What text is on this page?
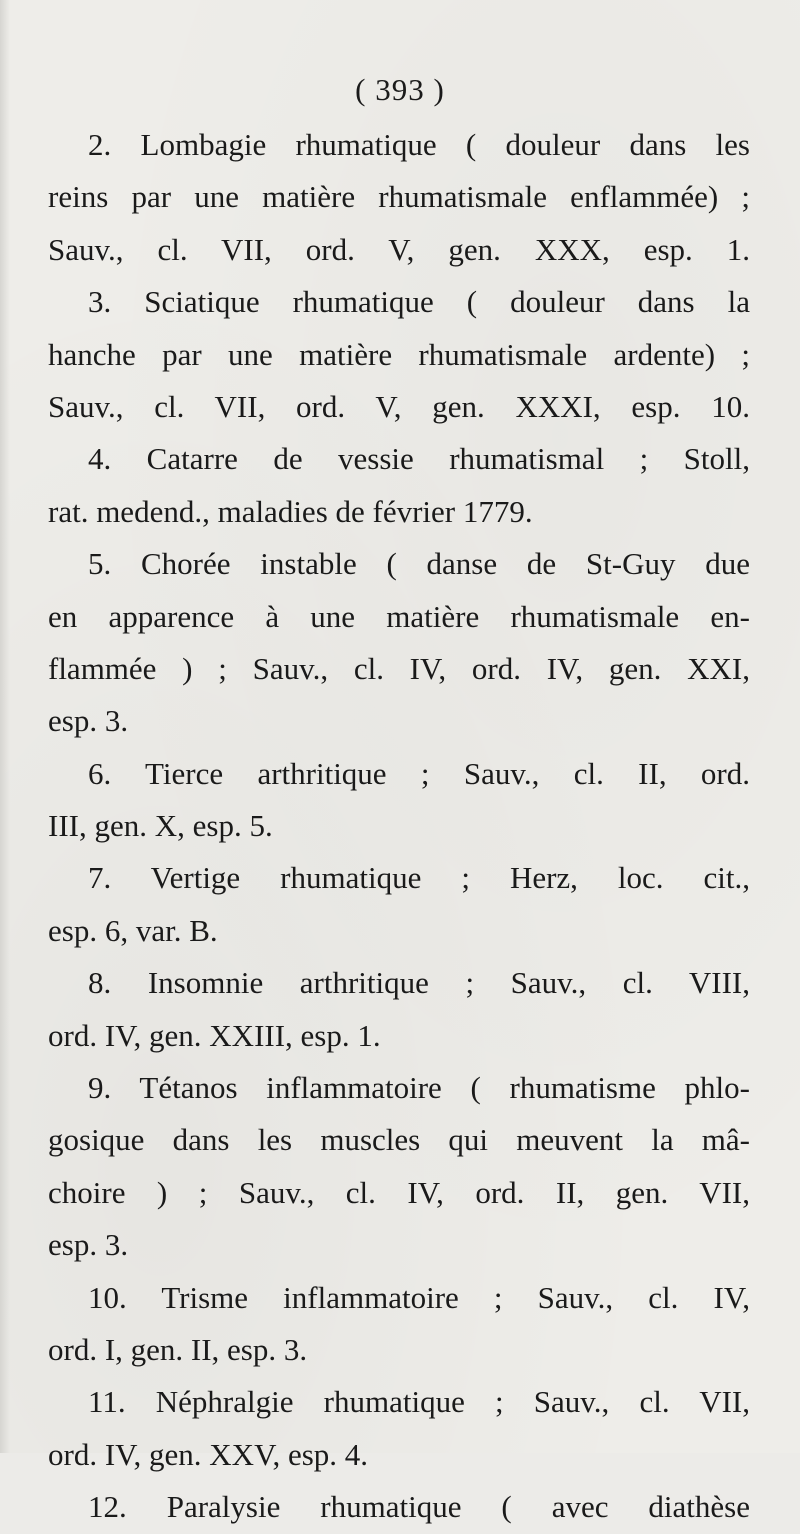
( 393 )
2. Lombagie rhumatique ( douleur dans les
reins par une matière rhumatismale enflammée) ;
Sauv., cl. VII, ord. V, gen. XXX, esp. 1.
3. Sciatique rhumatique ( douleur dans la
hanche par une matière rhumatismale ardente) ;
Sauv., cl. VII, ord. V, gen. XXXI, esp. 10.
4. Catarre de vessie rhumatismal ; Stoll,
rat. medend., maladies de février 1779.
5. Chorée instable ( danse de St-Guy due
en apparence à une matière rhumatismale en-
flammée ) ; Sauv., cl. IV, ord. IV, gen. XXI,
esp. 3.
6. Tierce arthritique ; Sauv., cl. II, ord.
III, gen. X, esp. 5.
7. Vertige rhumatique ; Herz, loc. cit.,
esp. 6, var. B.
8. Insomnie arthritique ; Sauv., cl. VIII,
ord. IV, gen. XXIII, esp. 1.
9. Tétanos inflammatoire ( rhumatisme phlo-
gosique dans les muscles qui meuvent la mâ-
choire ) ; Sauv., cl. IV, ord. II, gen. VII,
esp. 3.
10. Trisme inflammatoire ; Sauv., cl. IV,
ord. I, gen. II, esp. 3.
11. Néphralgie rhumatique ; Sauv., cl. VII,
ord. IV, gen. XXV, esp. 4.
12. Paralysie rhumatique ( avec diathèse
